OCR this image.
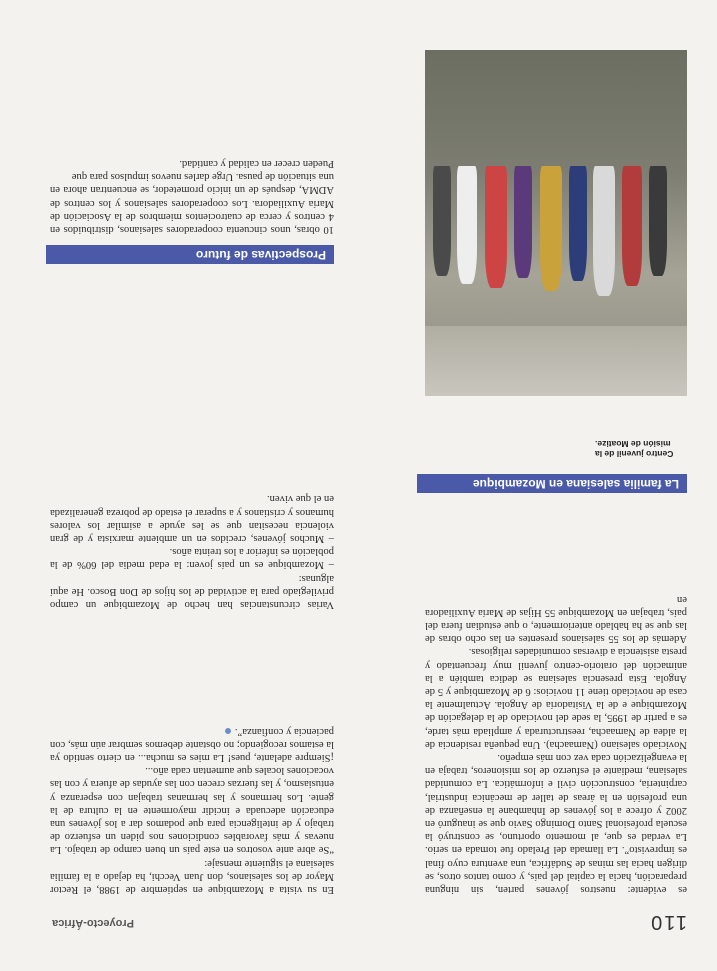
Proyecto-África	110

es evidente: nuestros jóvenes parten, sin ninguna preparación, hacia la capital del país, y como tantos otros, se dirigen hacia las minas de Sudáfrica, una aventura cuyo final es imprevisto”. La llamada del Prelado fue tomada en serio. La verdad es que, al momento oportuno, se construyó la escuela profesional Santo Domingo Savio que se inauguró en 2002 y ofrece a los jóvenes de Inhambane la enseñanza de una profesión en la áreas de taller de mecánica industrial, carpintería, construcción civil e informática. La comunidad salesiana, mediante el esfuerzo de los misioneros, trabaja en la evangelización cada vez con más empeño.

Noviciado salesiano (Namaacha). Una pequeña residencia de la aldea de Namaacha, reestructurada y ampliada más tarde, es a partir de 1995, la sede del noviciado de la delegación de Mozambique e de la Visitadoría de Angola. Actualmente la casa de noviciado tiene 11 novicios: 6 de Mozambique y 5 de Angola. Esta presencia salesiana se dedica también a la animación del oratorio-centro juvenil muy frecuentado y presta asistencia a diversas comunidades religiosas.

Además de los 55 salesianos presentes en las ocho obras de las que se ha hablado anteriormente, o que estudian fuera del país, trabajan en Mozambique 55 Hijas de María Auxiliadora en

La familia salesiana en Mozambique
Centro juvenil de la misión de Moatize.

En su visita a Mozambique en septiembre de 1988, el Rector Mayor de los salesianos, don Juan Vecchi, ha dejado a la familia salesiana el siguiente mensaje:

“Se abre ante vosotros en este país un buen campo de trabajo. La nuevas y más favorables condiciones nos piden un esfuerzo de trabajo y de inteligencia para que podamos dar a los jóvenes una educación adecuada e incidir mayormente en la cultura de la gente. Los hermanos y las hermanas trabajan con esperanza y entusiasmo, y las fuerzas crecen con las ayudas de afuera y con las vocaciones locales que aumentan cada año...

¡Siempre adelante, pues! La mies es mucha... en cierto sentido ya la estamos recogiendo; no obstante debemos sembrar aún más, con paciencia y confianza”.

Varias circunstancias han hecho de Mozambique un campo privilegiado para la actividad de los hijos de Don Bosco. He aquí algunas:

– Mozambique es un país joven: la edad media del 60% de la población es inferior a los treinta años.

– Muchos jóvenes, crecidos en un ambiente marxista y de gran violencia necesitan que se les ayude a asimilar los valores humanos y cristianos y a superar el estado de pobreza generalizada en el que viven.

Prospectivas de futuro

10 obras, unos cincuenta cooperadores salesianos, distribuidos en 4 centros y cerca de cuatrocientos miembros de la Asociación de María Auxiliadora. Los cooperadores salesianos y los centros de ADMA, después de un inicio prometedor, se encuentran ahora en una situación de pausa. Urge darles nuevos impulsos para que

Pueden crecer en calidad y cantidad.
